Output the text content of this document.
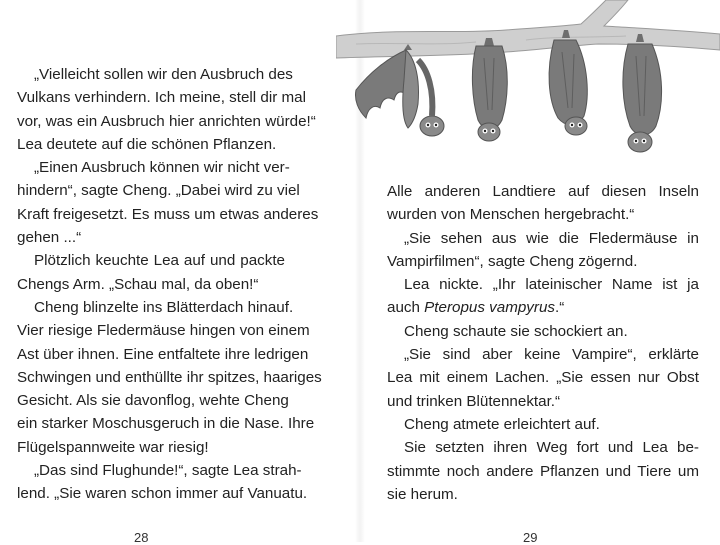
„Vielleicht sollen wir den Ausbruch des
Vulkans verhindern. Ich meine, stell dir mal
vor, was ein Ausbruch hier anrichten würde!“
Lea deutete auf die schönen Pflanzen.
„Einen Ausbruch können wir nicht ver-
hindern“, sagte Cheng. „Dabei wird zu viel
Kraft freigesetzt. Es muss um etwas anderes
gehen ...“
Plötzlich keuchte Lea auf und packte
Chengs Arm. „Schau mal, da oben!“
Cheng blinzelte ins Blätterdach hinauf.
Vier riesige Fledermäuse hingen von einem
Ast über ihnen. Eine entfaltete ihre ledrigen
Schwingen und enthüllte ihr spitzes, haariges
Gesicht. Als sie davonflog, wehte Cheng
ein starker Moschusgeruch in die Nase. Ihre
Flügelspannweite war riesig!
„Das sind Flughunde!“, sagte Lea strah-
lend. „Sie waren schon immer auf Vanuatu.
28	29
Alle anderen Landtiere auf diesen Inseln
wurden von Menschen hergebracht.“
„Sie sehen aus wie die Fledermäuse in
Vampirfilmen“, sagte Cheng zögernd.
Lea nickte. „Ihr lateinischer Name ist ja
auch Pteropus vampyrus.“
Cheng schaute sie schockiert an.
„Sie sind aber keine Vampire“, erklärte
Lea mit einem Lachen. „Sie essen nur Obst
und trinken Blütennektar.“
Cheng atmete erleichtert auf.
Sie setzten ihren Weg fort und Lea be-
stimmte noch andere Pflanzen und Tiere um
sie herum.
